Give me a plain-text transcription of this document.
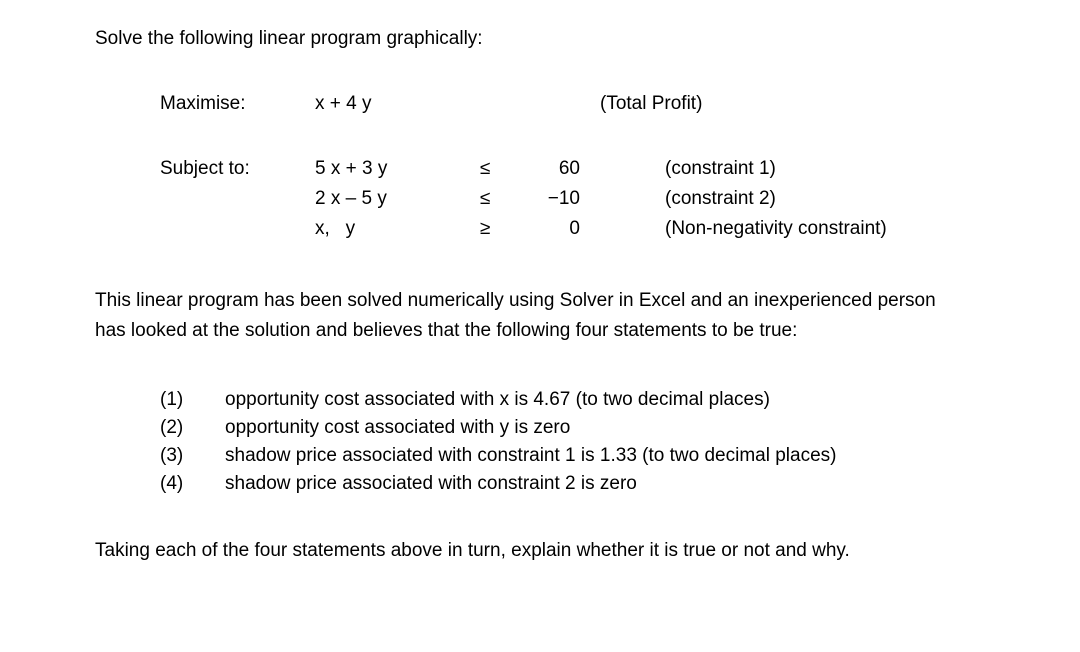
Solve the following linear program graphically:

Maximise:	x + 4 y	(Total Profit)
Subject to:	5 x + 3 y	≤	60	(constraint 1)
2 x – 5 y	≤	−10	(constraint 2)
x,   y	≥	0	(Non-negativity constraint)

This linear program has been solved numerically using Solver in Excel and an inexperienced person has looked at the solution and believes that the following four statements to be true:

(1)	opportunity cost associated with x is 4.67 (to two decimal places)
(2)	opportunity cost associated with y is zero
(3)	shadow price associated with constraint 1 is 1.33 (to two decimal places)
(4)	shadow price associated with constraint 2 is zero

Taking each of the four statements above in turn, explain whether it is true or not and why.
